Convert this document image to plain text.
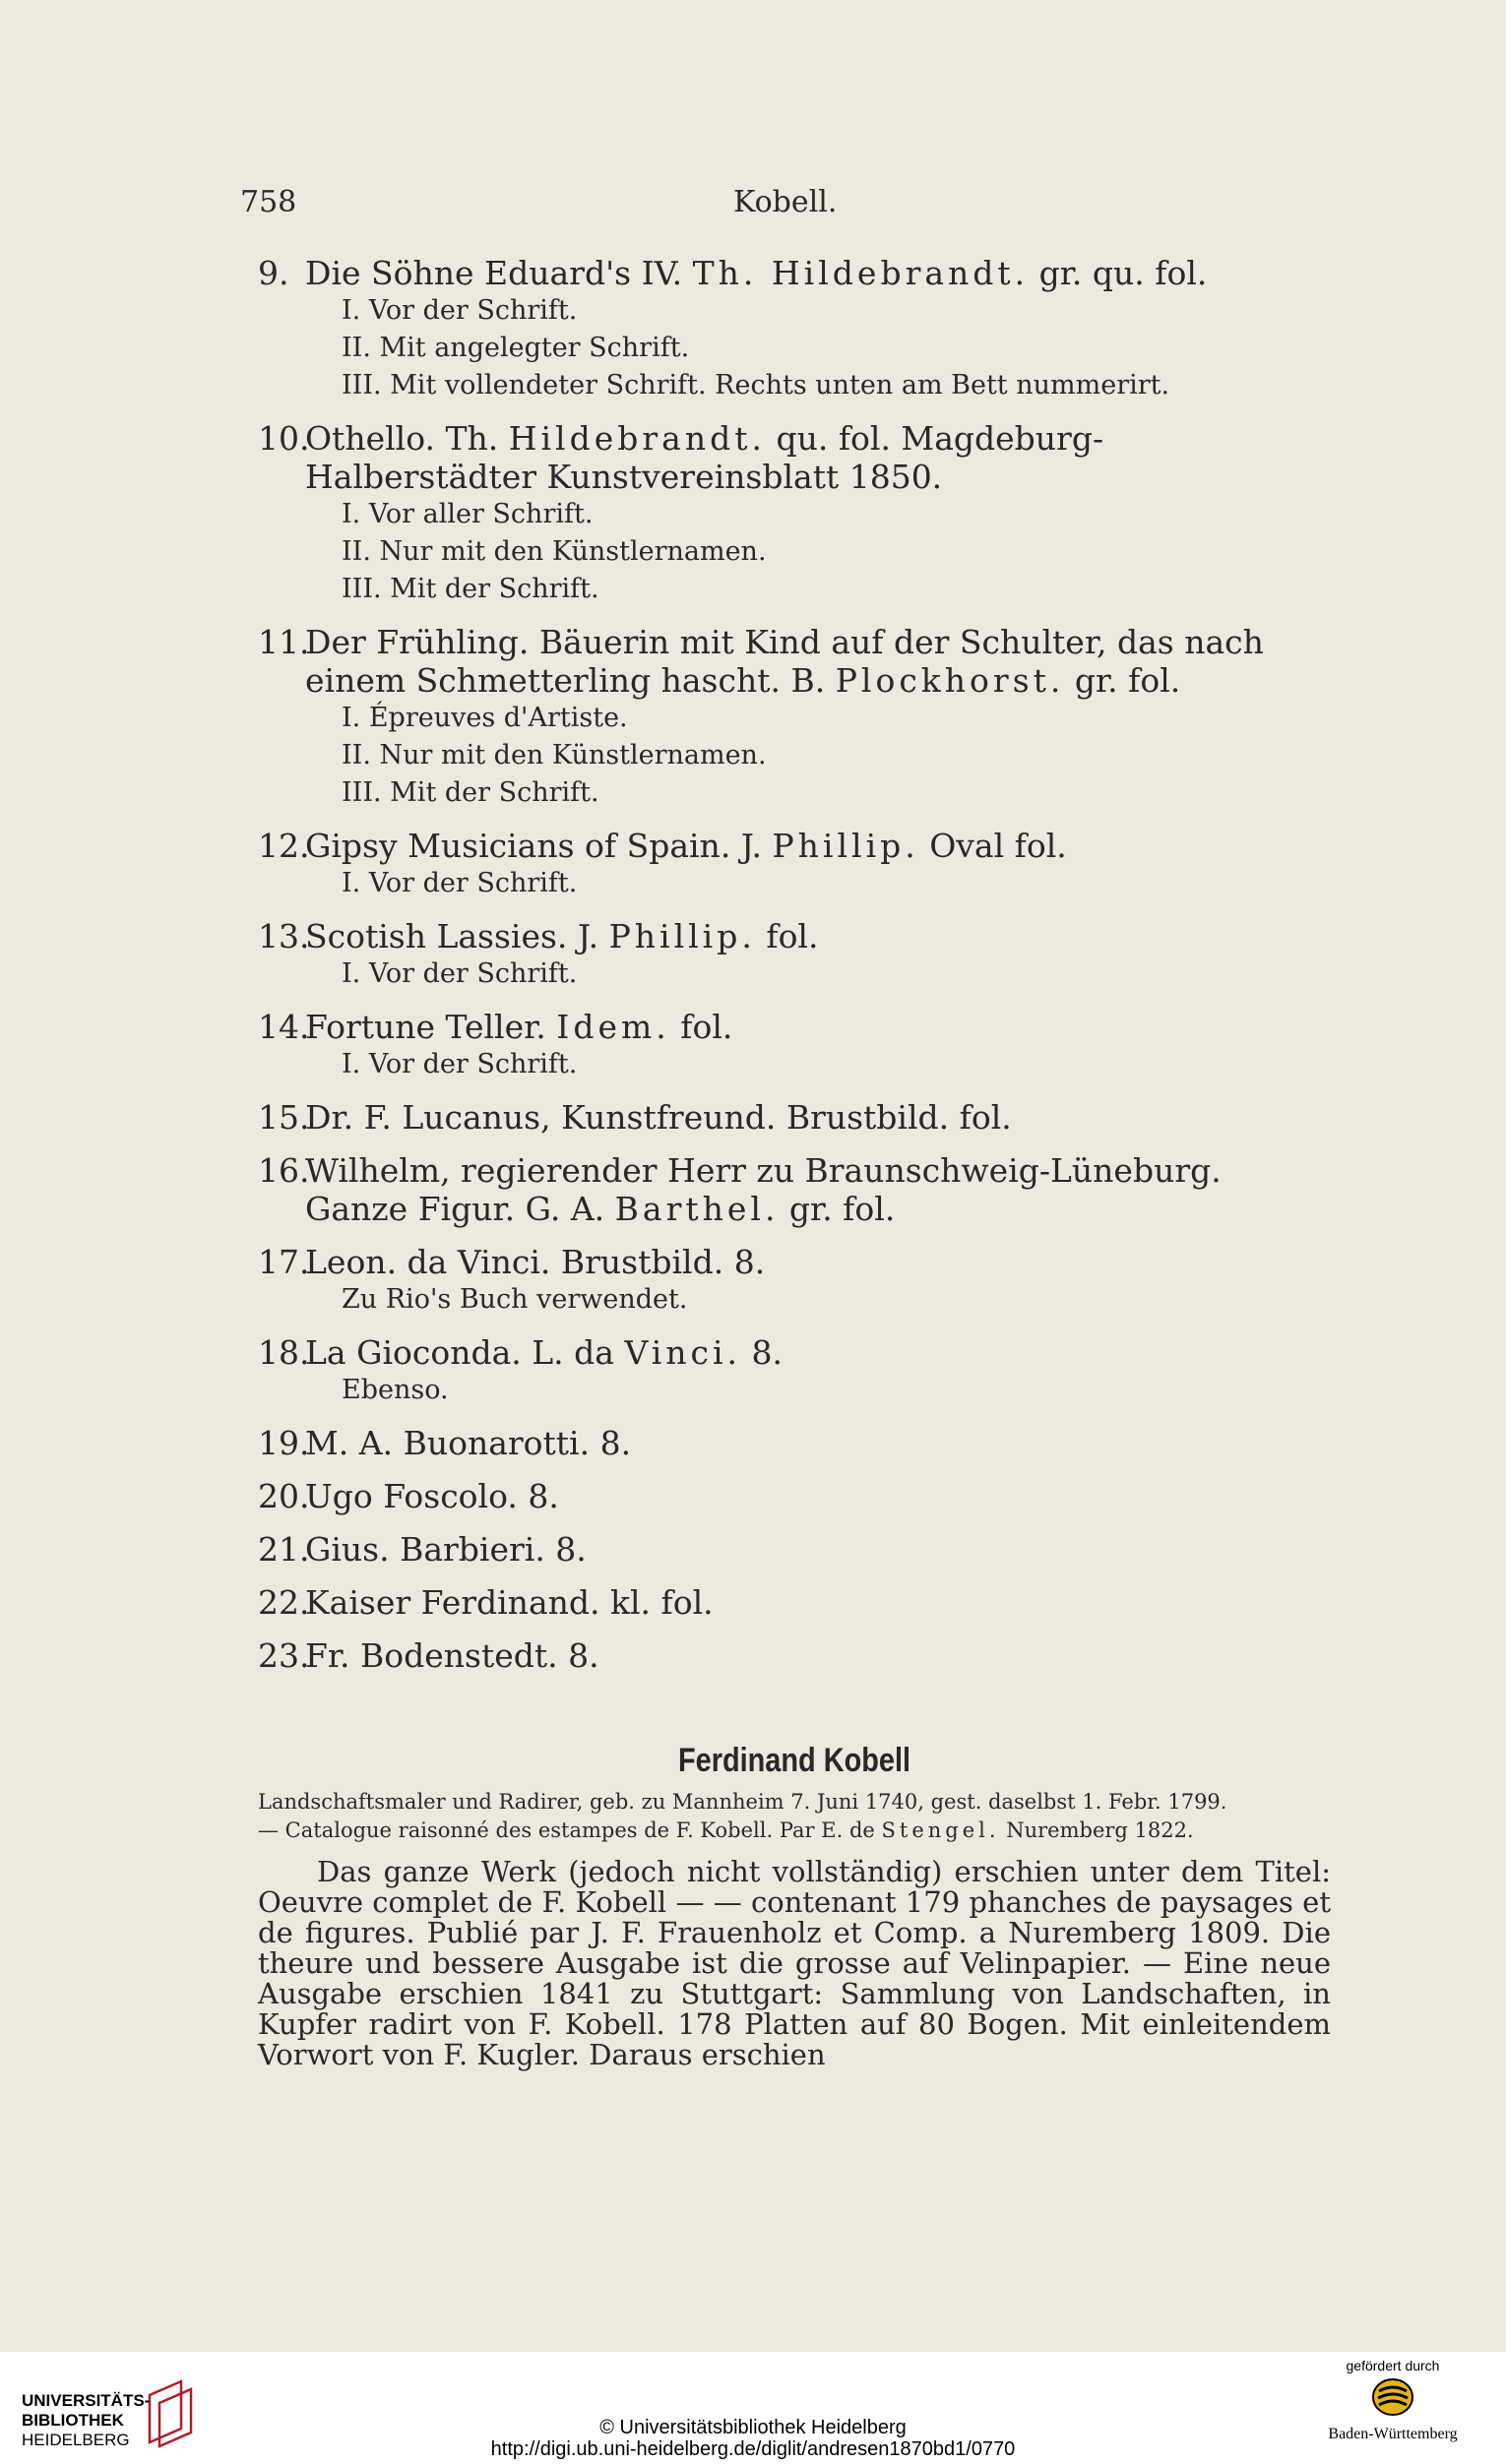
758	Kobell.
9. Die Söhne Eduard's IV. Th. Hildebrandt. gr. qu. fol.
I. Vor der Schrift.
II. Mit angelegter Schrift.
III. Mit vollendeter Schrift. Rechts unten am Bett nummerirt.
10.Othello. Th. Hildebrandt. qu. fol. Magdeburg-Halberstädter Kunstvereinsblatt 1850.
I. Vor aller Schrift.
II. Nur mit den Künstlernamen.
III. Mit der Schrift.
11.Der Frühling. Bäuerin mit Kind auf der Schulter, das nach einem Schmetterling hascht. B. Plockhorst. gr. fol.
I. Épreuves d'Artiste.
II. Nur mit den Künstlernamen.
III. Mit der Schrift.
12.Gipsy Musicians of Spain. J. Phillip. Oval fol.
I. Vor der Schrift.
13.Scotish Lassies. J. Phillip. fol.
I. Vor der Schrift.
14.Fortune Teller. Idem. fol.
I. Vor der Schrift.
15.Dr. F. Lucanus, Kunstfreund. Brustbild. fol.
16.Wilhelm, regierender Herr zu Braunschweig-Lüneburg. Ganze Figur. G. A. Barthel. gr. fol.
17.Leon. da Vinci. Brustbild. 8.
Zu Rio's Buch verwendet.
18.La Gioconda. L. da Vinci. 8.
Ebenso.
19.M. A. Buonarotti. 8.
20.Ugo Foscolo. 8.
21.Gius. Barbieri. 8.
22.Kaiser Ferdinand. kl. fol.
23.Fr. Bodenstedt. 8.
Ferdinand Kobell
Landschaftsmaler und Radirer, geb. zu Mannheim 7. Juni 1740, gest. daselbst 1. Febr. 1799.
— Catalogue raisonné des estampes de F. Kobell. Par E. de Stengel. Nuremberg 1822.
Das ganze Werk (jedoch nicht vollständig) erschien unter dem Titel: Oeuvre complet de F. Kobell — — contenant 179 phanches de paysages et de figures. Publié par J. F. Frauenholz et Comp. a Nuremberg 1809. Die theure und bessere Ausgabe ist die grosse auf Velinpapier. — Eine neue Ausgabe erschien 1841 zu Stuttgart: Sammlung von Landschaften, in Kupfer radirt von F. Kobell. 178 Platten auf 80 Bogen. Mit einleitendem Vorwort von F. Kugler. Daraus erschien
UNIVERSITÄTS-
BIBLIOTHEK
HEIDELBERG
© Universitätsbibliothek Heidelberg
http://digi.ub.uni-heidelberg.de/diglit/andresen1870bd1/0770
gefördert durch
Baden-Württemberg
